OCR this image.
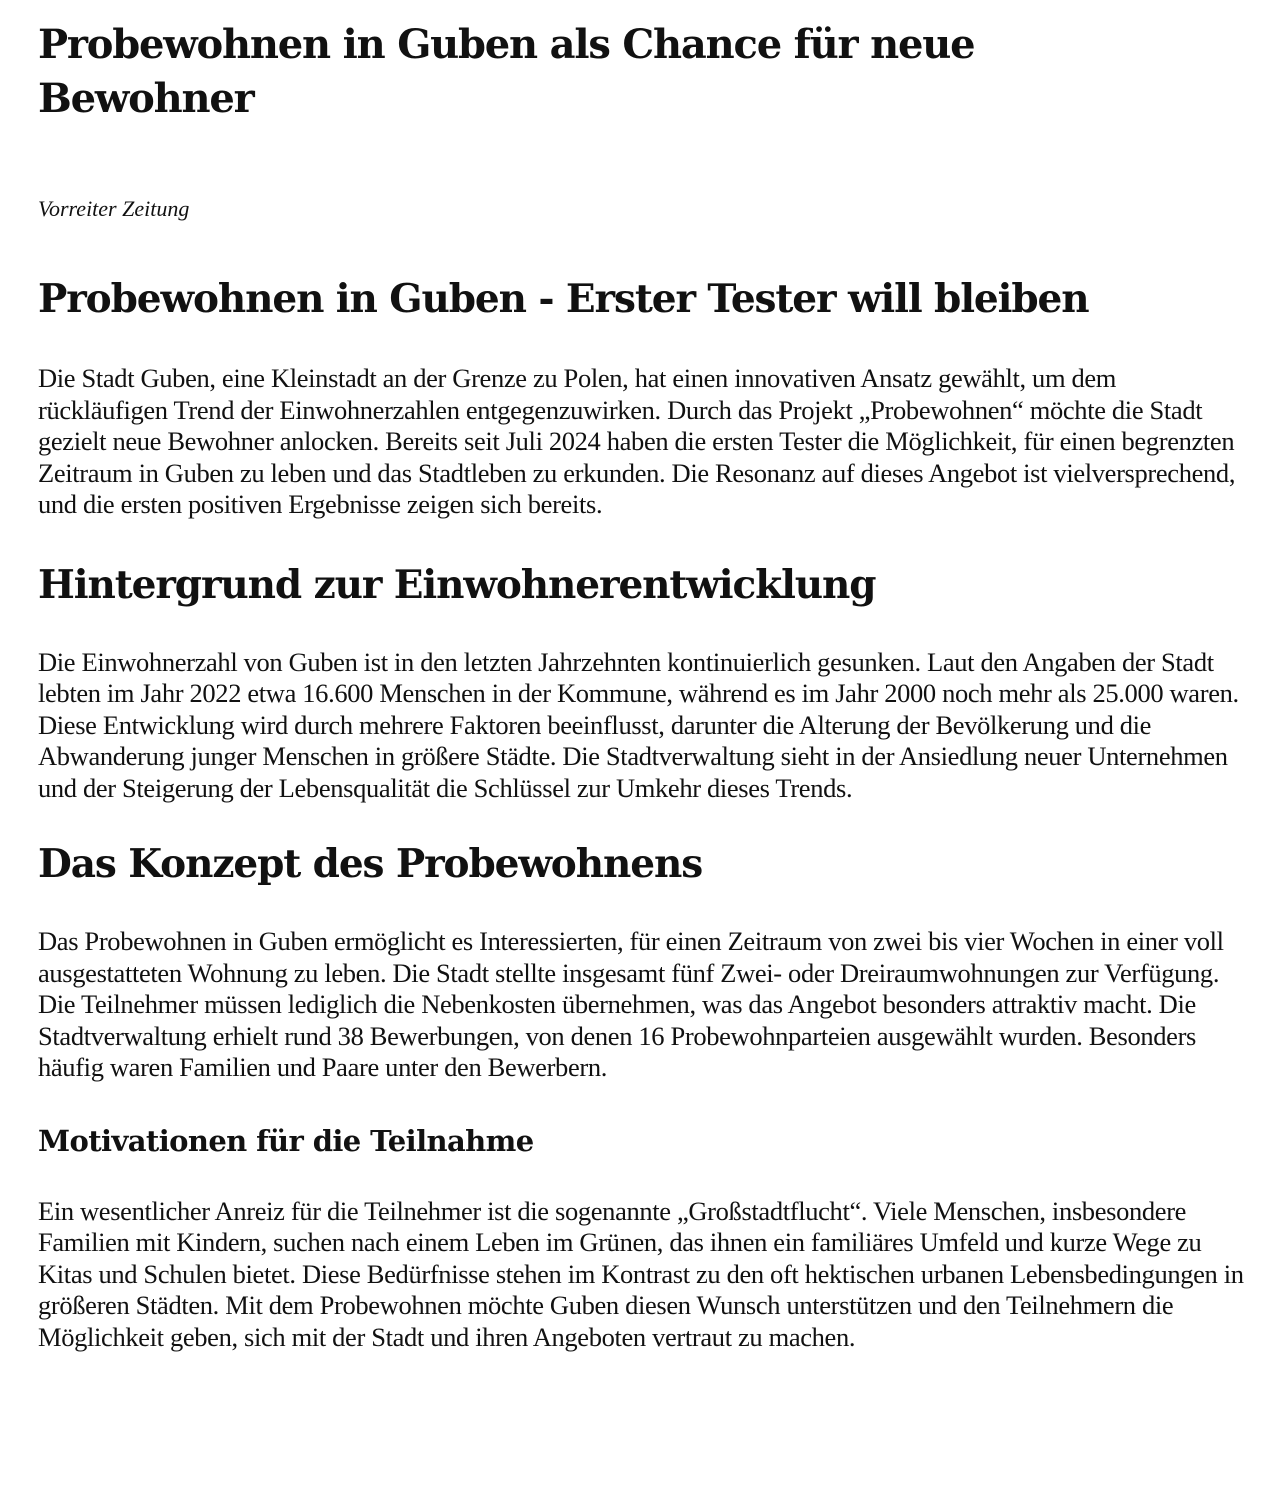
Probewohnen in Guben als Chance für neue Bewohner
Vorreiter Zeitung
Probewohnen in Guben - Erster Tester will bleiben

Die Stadt Guben, eine Kleinstadt an der Grenze zu Polen, hat einen innovativen Ansatz gewählt, um dem rückläufigen Trend der Einwohnerzahlen entgegenzuwirken. Durch das Projekt „Probewohnen“ möchte die Stadt gezielt neue Bewohner anlocken. Bereits seit Juli 2024 haben die ersten Tester die Möglichkeit, für einen begrenzten Zeitraum in Guben zu leben und das Stadtleben zu erkunden. Die Resonanz auf dieses Angebot ist vielversprechend, und die ersten positiven Ergebnisse zeigen sich bereits.

Hintergrund zur Einwohnerentwicklung

Die Einwohnerzahl von Guben ist in den letzten Jahrzehnten kontinuierlich gesunken. Laut den Angaben der Stadt lebten im Jahr 2022 etwa 16.600 Menschen in der Kommune, während es im Jahr 2000 noch mehr als 25.000 waren. Diese Entwicklung wird durch mehrere Faktoren beeinflusst, darunter die Alterung der Bevölkerung und die Abwanderung junger Menschen in größere Städte. Die Stadtverwaltung sieht in der Ansiedlung neuer Unternehmen und der Steigerung der Lebensqualität die Schlüssel zur Umkehr dieses Trends.

Das Konzept des Probewohnens

Das Probewohnen in Guben ermöglicht es Interessierten, für einen Zeitraum von zwei bis vier Wochen in einer voll ausgestatteten Wohnung zu leben. Die Stadt stellte insgesamt fünf Zwei- oder Dreiraumwohnungen zur Verfügung. Die Teilnehmer müssen lediglich die Nebenkosten übernehmen, was das Angebot besonders attraktiv macht. Die Stadtverwaltung erhielt rund 38 Bewerbungen, von denen 16 Probewohnparteien ausgewählt wurden. Besonders häufig waren Familien und Paare unter den Bewerbern.

Motivationen für die Teilnahme

Ein wesentlicher Anreiz für die Teilnehmer ist die sogenannte „Großstadtflucht“. Viele Menschen, insbesondere Familien mit Kindern, suchen nach einem Leben im Grünen, das ihnen ein familiäres Umfeld und kurze Wege zu Kitas und Schulen bietet. Diese Bedürfnisse stehen im Kontrast zu den oft hektischen urbanen Lebensbedingungen in größeren Städten. Mit dem Probewohnen möchte Guben diesen Wunsch unterstützen und den Teilnehmern die Möglichkeit geben, sich mit der Stadt und ihren Angeboten vertraut zu machen.
